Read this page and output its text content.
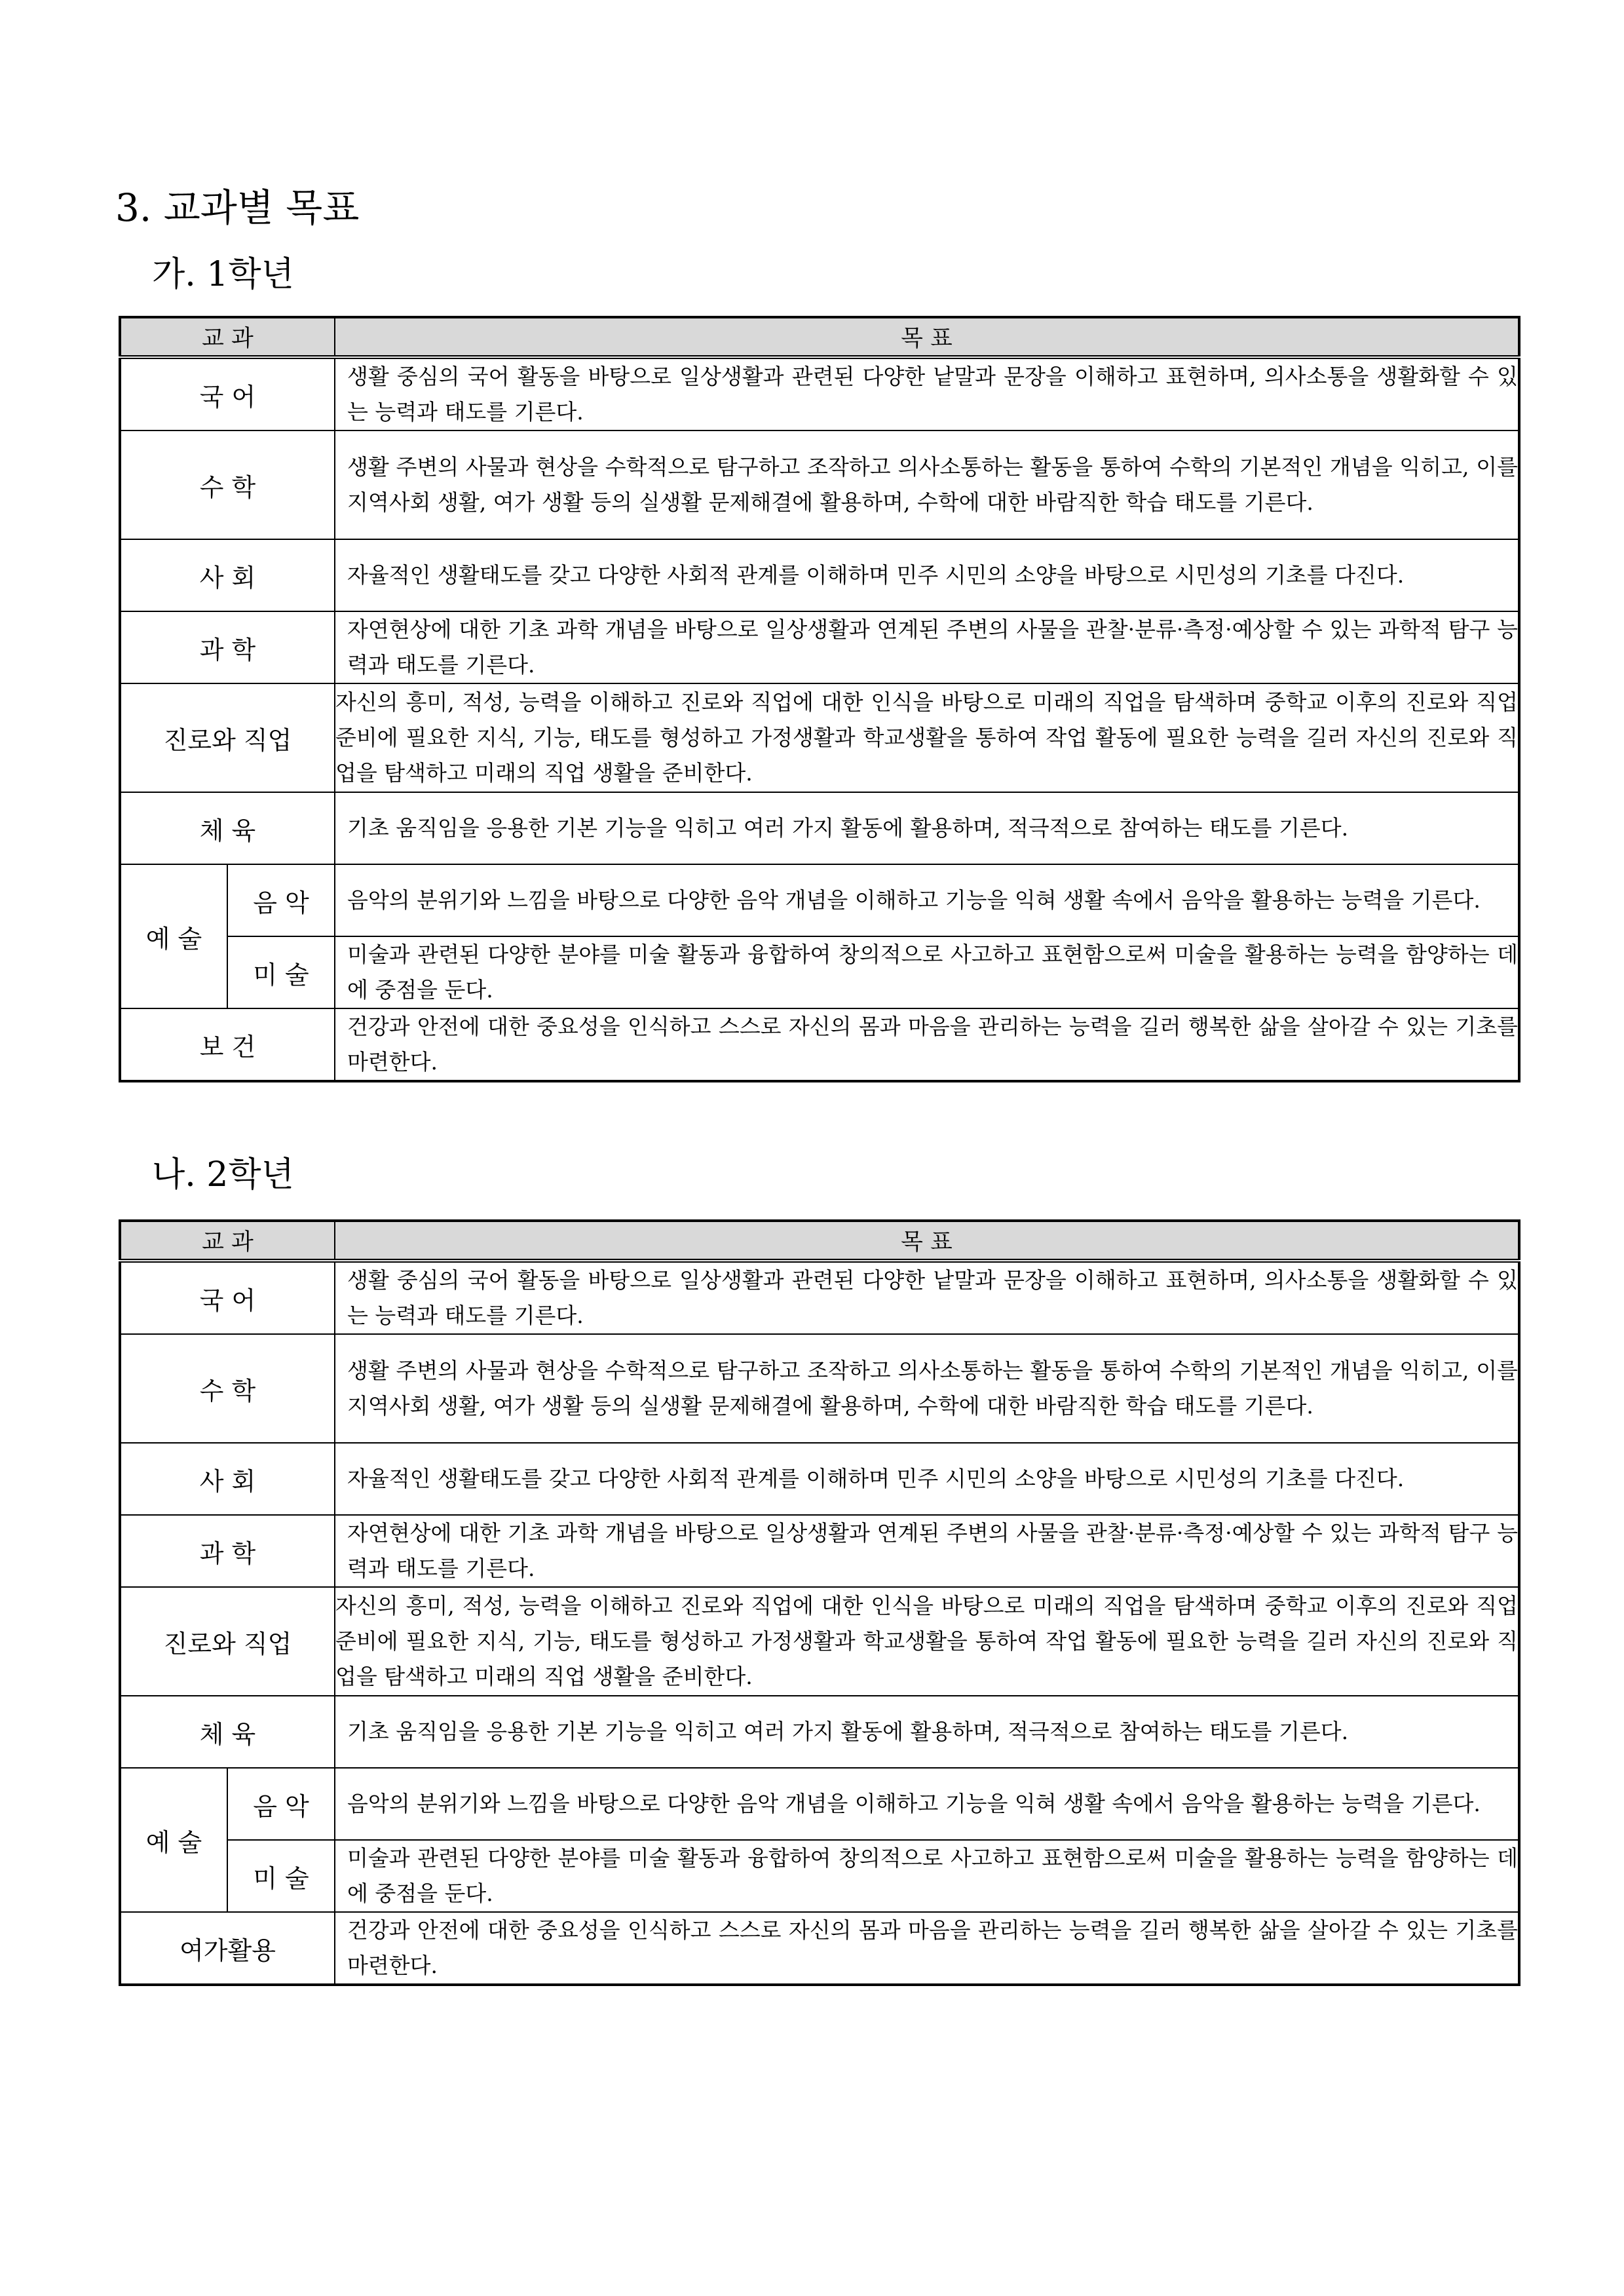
3. 교과별 목표
가. 1학년
교 과		목 표
국 어		생활 중심의 국어 활동을 바탕으로 일상생활과 관련된 다양한 낱말과 문장을 이해하고 표현하며, 의사소통을 생활화할 수 있는 능력과 태도를 기른다.

수 학		생활 주변의 사물과 현상을 수학적으로 탐구하고 조작하고 의사소통하는 활동을 통하여 수학의 기본적인 개념을 익히고, 이를 지역사회 생활, 여가 생활 등의 실생활 문제해결에 활용하며, 수학에 대한 바람직한 학습 태도를 기른다.

사 회		자율적인 생활태도를 갖고 다양한 사회적 관계를 이해하며 민주 시민의 소양을 바탕으로 시민성의 기초를 다진다.

과 학		자연현상에 대한 기초 과학 개념을 바탕으로 일상생활과 연계된 주변의 사물을 관찰·분류·측정·예상할 수 있는 과학적 탐구 능력과 태도를 기른다.

진로와 직업		자신의 흥미, 적성, 능력을 이해하고 진로와 직업에 대한 인식을 바탕으로 미래의 직업을 탐색하며 중학교 이후의 진로와 직업 준비에 필요한 지식, 기능, 태도를 형성하고 가정생활과 학교생활을 통하여 작업 활동에 필요한 능력을 길러 자신의 진로와 직업을 탐색하고 미래의 직업 생활을 준비한다.

체 육		기초 움직임을 응용한 기본 기능을 익히고 여러 가지 활동에 활용하며, 적극적으로 참여하는 태도를 기른다.

예 술	음 악	음악의 분위기와 느낌을 바탕으로 다양한 음악 개념을 이해하고 기능을 익혀 생활 속에서 음악을 활용하는 능력을 기른다.

	미 술	미술과 관련된 다양한 분야를 미술 활동과 융합하여 창의적으로 사고하고 표현함으로써 미술을 활용하는 능력을 함양하는 데에 중점을 둔다.

보 건		건강과 안전에 대한 중요성을 인식하고 스스로 자신의 몸과 마음을 관리하는 능력을 길러 행복한 삶을 살아갈 수 있는 기초를 마련한다.
나. 2학년
교 과		목 표
국 어		생활 중심의 국어 활동을 바탕으로 일상생활과 관련된 다양한 낱말과 문장을 이해하고 표현하며, 의사소통을 생활화할 수 있는 능력과 태도를 기른다.

수 학		생활 주변의 사물과 현상을 수학적으로 탐구하고 조작하고 의사소통하는 활동을 통하여 수학의 기본적인 개념을 익히고, 이를 지역사회 생활, 여가 생활 등의 실생활 문제해결에 활용하며, 수학에 대한 바람직한 학습 태도를 기른다.

사 회		자율적인 생활태도를 갖고 다양한 사회적 관계를 이해하며 민주 시민의 소양을 바탕으로 시민성의 기초를 다진다.

과 학		자연현상에 대한 기초 과학 개념을 바탕으로 일상생활과 연계된 주변의 사물을 관찰·분류·측정·예상할 수 있는 과학적 탐구 능력과 태도를 기른다.

진로와 직업		자신의 흥미, 적성, 능력을 이해하고 진로와 직업에 대한 인식을 바탕으로 미래의 직업을 탐색하며 중학교 이후의 진로와 직업 준비에 필요한 지식, 기능, 태도를 형성하고 가정생활과 학교생활을 통하여 작업 활동에 필요한 능력을 길러 자신의 진로와 직업을 탐색하고 미래의 직업 생활을 준비한다.

체 육		기초 움직임을 응용한 기본 기능을 익히고 여러 가지 활동에 활용하며, 적극적으로 참여하는 태도를 기른다.

예 술	음 악	음악의 분위기와 느낌을 바탕으로 다양한 음악 개념을 이해하고 기능을 익혀 생활 속에서 음악을 활용하는 능력을 기른다.

	미 술	미술과 관련된 다양한 분야를 미술 활동과 융합하여 창의적으로 사고하고 표현함으로써 미술을 활용하는 능력을 함양하는 데에 중점을 둔다.

여가활용		건강과 안전에 대한 중요성을 인식하고 스스로 자신의 몸과 마음을 관리하는 능력을 길러 행복한 삶을 살아갈 수 있는 기초를 마련한다.
